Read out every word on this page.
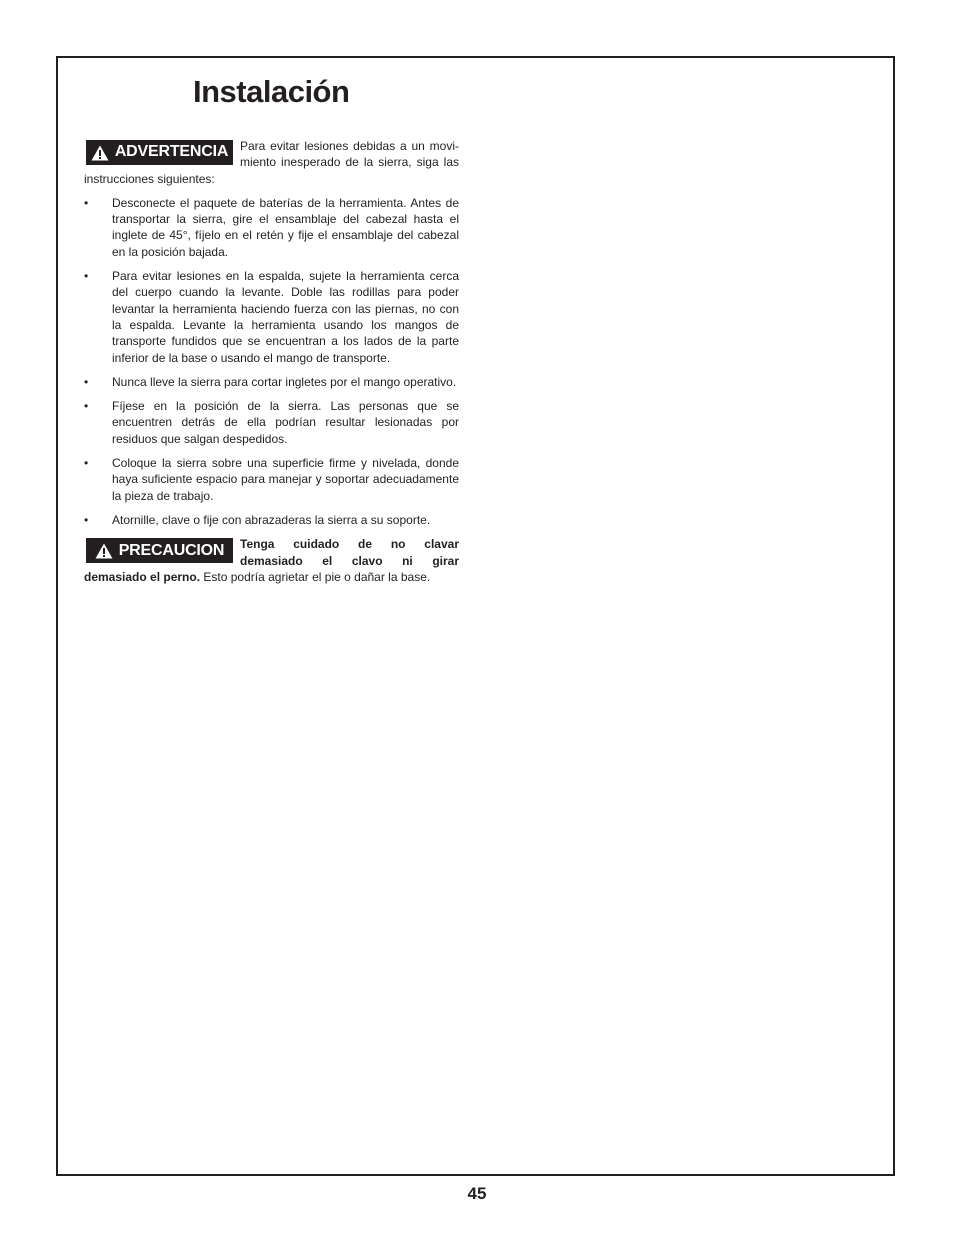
Instalación

ADVERTENCIA Para evitar lesiones debidas a un movi- miento inesperado de la sierra, siga las instrucciones siguientes:

• Desconecte el paquete de baterías de la herramienta. Antes de transportar la sierra, gire el ensamblaje del cabezal hasta el inglete de 45°, fíjelo en el retén y fije el ensamblaje del cabezal en la posición bajada.
• Para evitar lesiones en la espalda, sujete la herramienta cerca del cuerpo cuando la levante. Doble las rodillas para poder levantar la herramienta haciendo fuerza con las piernas, no con la espalda. Levante la herramienta usando los mangos de transporte fundidos que se encuentran a los lados de la parte inferior de la base o usando el mango de transporte.
• Nunca lleve la sierra para cortar ingletes por el mango operativo.
• Fíjese en la posición de la sierra. Las personas que se encuentren detrás de ella podrían resultar lesionadas por residuos que salgan despedidos.
• Coloque la sierra sobre una superficie firme y nivelada, donde haya suficiente espacio para manejar y soportar adecuadamente la pieza de trabajo.
• Atornille, clave o fije con abrazaderas la sierra a su soporte.

PRECAUCION Tenga cuidado de no clavar demasiado el clavo ni girar demasiado el perno. Esto podría agrietar el pie o dañar la base.

45
